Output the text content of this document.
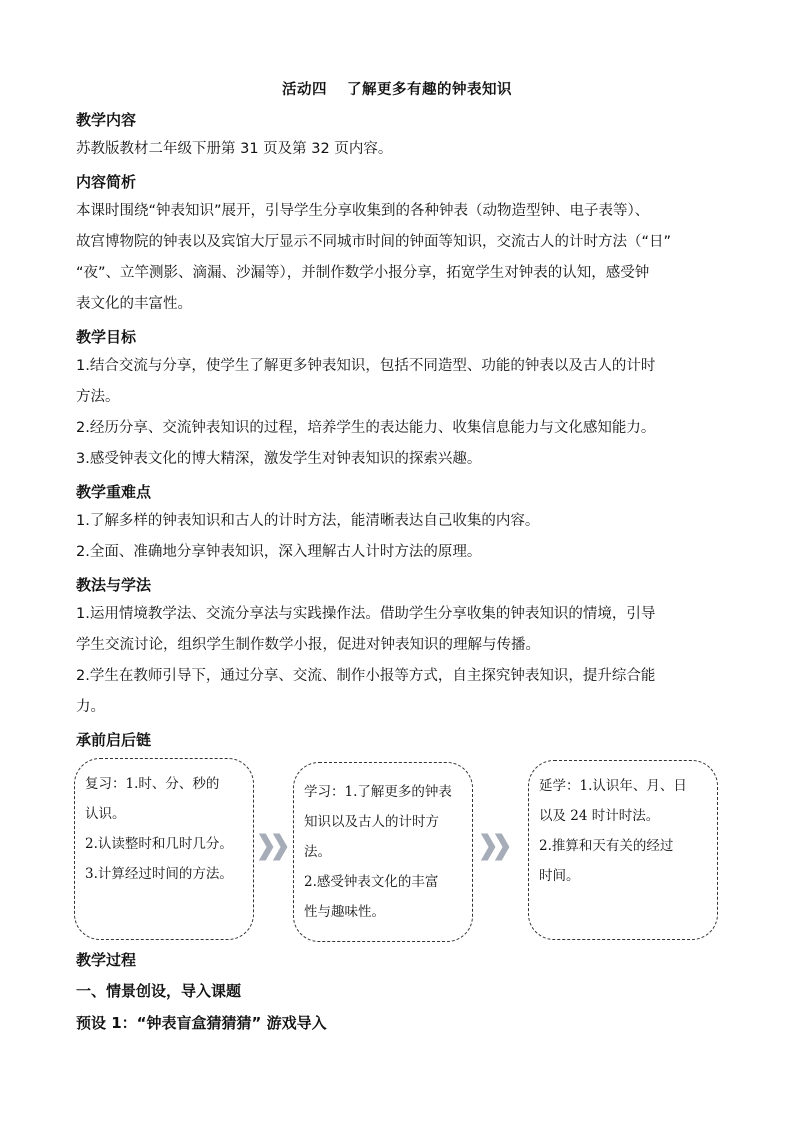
活动四 了解更多有趣的钟表知识
教学内容
苏教版教材二年级下册第 31 页及第 32 页内容。
内容简析
本课时围绕“钟表知识”展开，引导学生分享收集到的各种钟表（动物造型钟、电子表等）、
故宫博物院的钟表以及宾馆大厅显示不同城市时间的钟面等知识，交流古人的计时方法（“日”
“夜”、立竿测影、滴漏、沙漏等），并制作数学小报分享，拓宽学生对钟表的认知，感受钟
表文化的丰富性。
教学目标
1.结合交流与分享，使学生了解更多钟表知识，包括不同造型、功能的钟表以及古人的计时
方法。
2.经历分享、交流钟表知识的过程，培养学生的表达能力、收集信息能力与文化感知能力。
3.感受钟表文化的博大精深，激发学生对钟表知识的探索兴趣。
教学重难点
1.了解多样的钟表知识和古人的计时方法，能清晰表达自己收集的内容。
2.全面、准确地分享钟表知识，深入理解古人计时方法的原理。
教法与学法
1.运用情境教学法、交流分享法与实践操作法。借助学生分享收集的钟表知识的情境，引导
学生交流讨论，组织学生制作数学小报，促进对钟表知识的理解与传播。
2.学生在教师引导下，通过分享、交流、制作小报等方式，自主探究钟表知识，提升综合能
力。
承前启后链
复习：1.时、分、秒的
认识。
2.认读整时和几时几分。
3.计算经过时间的方法。
学习：1.了解更多的钟表
知识以及古人的计时方
法。
2.感受钟表文化的丰富
性与趣味性。
延学：1.认识年、月、日
以及 24 时计时法。
2.推算和天有关的经过
时间。
教学过程
一、情景创设，导入课题
预设 1：“钟表盲盒猜猜猜” 游戏导入
